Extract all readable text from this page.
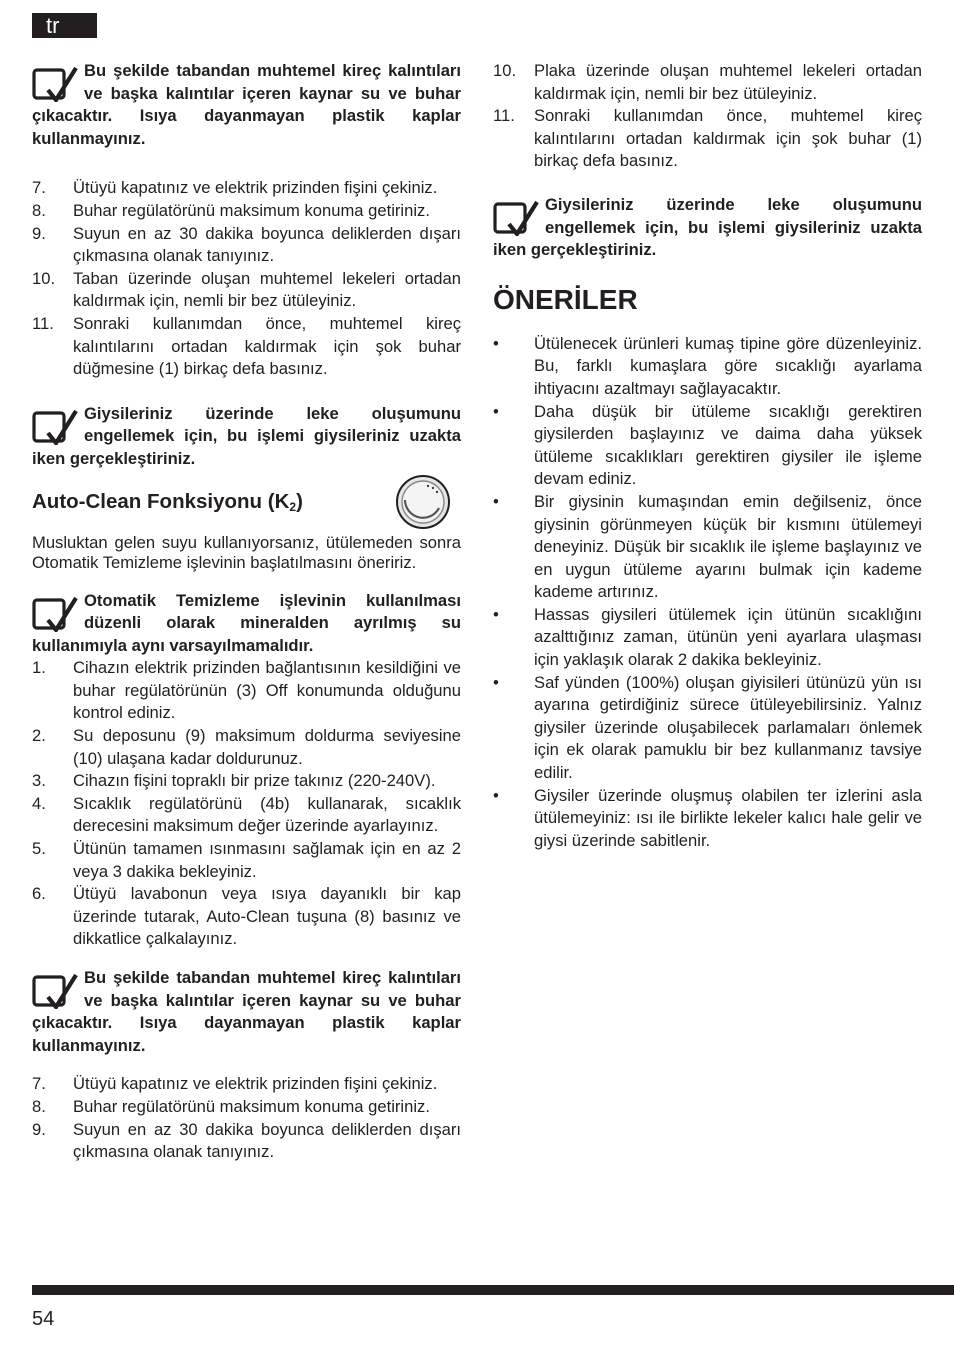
tr

Bu şekilde tabandan muhtemel kireç kalıntıları ve başka kalıntılar içeren kaynar su ve buhar çıkacaktır. Isıya dayanmayan plastik kaplar kullanmayınız.

7. Ütüyü kapatınız ve elektrik prizinden fişini çekiniz.
8. Buhar regülatörünü maksimum konuma getiriniz.
9. Suyun en az 30 dakika boyunca deliklerden dışarı çıkmasına olanak tanıyınız.
10. Taban üzerinde oluşan muhtemel lekeleri ortadan kaldırmak için, nemli bir bez ütüleyiniz.
11. Sonraki kullanımdan önce, muhtemel kireç kalıntılarını ortadan kaldırmak için şok buhar düğmesine (1) birkaç defa basınız.

Giysileriniz üzerinde leke oluşumunu engellemek için, bu işlemi giysileriniz uzakta iken gerçekleştiriniz.

Auto-Clean Fonksiyonu $(K_2)$

Musluktan gelen suyu kullanıyorsanız, ütülemeden sonra Otomatik Temizleme işlevinin başlatılmasını öneririz.

Otomatik Temizleme işlevinin kullanılması düzenli olarak mineralden ayrılmış su kullanımıyla aynı varsayılmamalıdır.

1. Cihazın elektrik prizinden bağlantısının kesildiğini ve buhar regülatörünün (3) Off konumunda olduğunu kontrol ediniz.
2. Su deposunu (9) maksimum doldurma seviyesine (10) ulaşana kadar doldurunuz.
3. Cihazın fişini topraklı bir prize takınız (220-240V).
4. Sıcaklık regülatörünü (4b) kullanarak, sıcaklık derecesini maksimum değer üzerinde ayarlayınız.
5. Ütünün tamamen ısınmasını sağlamak için en az 2 veya 3 dakika bekleyiniz.
6. Ütüyü lavabonun veya ısıya dayanıklı bir kap üzerinde tutarak, Auto-Clean tuşuna (8) basınız ve dikkatlice çalkalayınız.

Bu şekilde tabandan muhtemel kireç kalıntıları ve başka kalıntılar içeren kaynar su ve buhar çıkacaktır. Isıya dayanmayan plastik kaplar kullanmayınız.

7. Ütüyü kapatınız ve elektrik prizinden fişini çekiniz.
8. Buhar regülatörünü maksimum konuma getiriniz.
9. Suyun en az 30 dakika boyunca deliklerden dışarı çıkmasına olanak tanıyınız.
10. Plaka üzerinde oluşan muhtemel lekeleri ortadan kaldırmak için, nemli bir bez ütüleyiniz.
11. Sonraki kullanımdan önce, muhtemel kireç kalıntılarını ortadan kaldırmak için şok buhar (1) birkaç defa basınız.

Giysileriniz üzerinde leke oluşumunu engellemek için, bu işlemi giysileriniz uzakta iken gerçekleştiriniz.

ÖNERİLER
• Ütülenecek ürünleri kumaş tipine göre düzenleyiniz. Bu, farklı kumaşlara göre sıcaklığı ayarlama ihtiyacını azaltmayı sağlayacaktır.
• Daha düşük bir ütüleme sıcaklığı gerektiren giysilerden başlayınız ve daima daha yüksek ütüleme sıcaklıkları gerektiren giysiler ile işleme devam ediniz.
• Bir giysinin kumaşından emin değilseniz, önce giysinin görünmeyen küçük bir kısmını ütülemeyi deneyiniz. Düşük bir sıcaklık ile işleme başlayınız ve en uygun ütüleme ayarını bulmak için kademe kademe artırınız.
• Hassas giysileri ütülemek için ütünün sıcaklığını azalttığınız zaman, ütünün yeni ayarlara ulaşması için yaklaşık olarak 2 dakika bekleyiniz.
• Saf yünden (100%) oluşan giyisileri ütünüzü yün ısı ayarına getirdiğiniz sürece ütüleyebilirsiniz. Yalnız giysiler üzerinde oluşabilecek parlamaları önlemek için ek olarak pamuklu bir bez kullanmanız tavsiye edilir.
• Giysiler üzerinde oluşmuş olabilen ter izlerini asla ütülemeyiniz: ısı ile birlikte lekeler kalıcı hale gelir ve giysi üzerinde sabitlenir.
54
